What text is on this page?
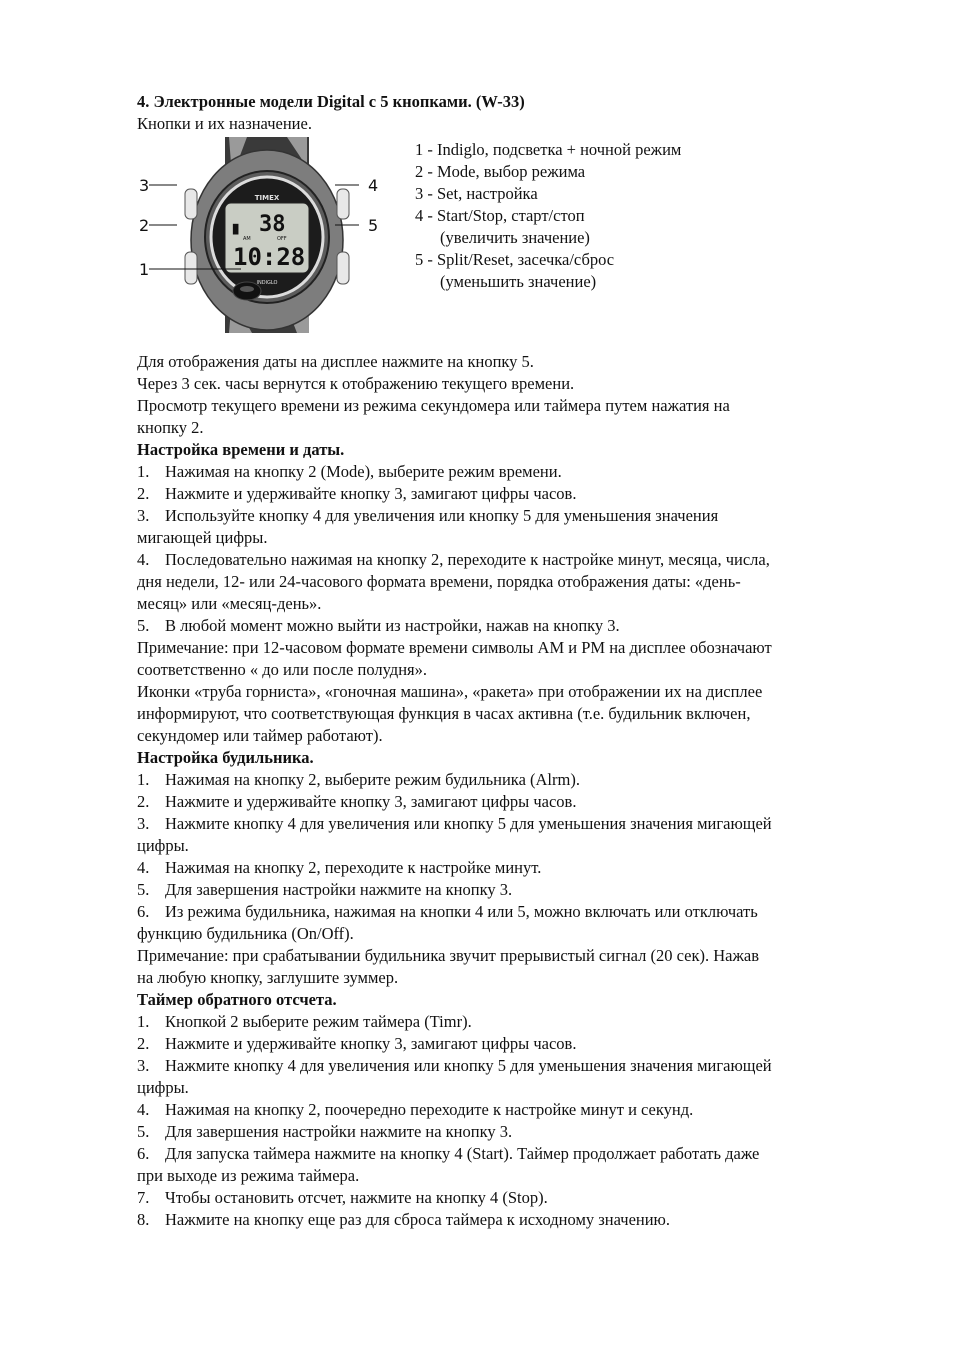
4. Электронные модели Digital с 5 кнопками. (W-33)
Кнопки и их назначение.
TIMEX
▖ 38
AM	OFF
10:28
INDIGLO
3	4
2	5
1
1 - Indiglo, подсветка + ночной режим
2 - Mode, выбор режима
3 - Set, настройка
4 - Start/Stop, старт/стоп
(увеличить значение)
5 - Split/Reset, засечка/сброс
(уменьшить значение)
Для отображения даты на дисплее нажмите на кнопку 5.
Через 3 сек. часы вернутся к отображению текущего времени.
Просмотр текущего времени из режима секундомера или таймера путем нажатия на
кнопку 2.
Настройка времени и даты.
1. Нажимая на кнопку 2 (Mode), выберите режим времени.
2. Нажмите и удерживайте кнопку 3, замигают цифры часов.
3. Используйте кнопку 4 для увеличения или кнопку 5 для уменьшения значения
мигающей цифры.
4. Последовательно нажимая на кнопку 2, переходите к настройке минут, месяца, числа,
дня недели, 12- или 24-часового формата времени, порядка отображения даты: «день-
месяц» или «месяц-день».
5. В любой момент можно выйти из настройки, нажав на кнопку 3.
Примечание: при 12-часовом формате времени символы AM и PM на дисплее обозначают
соответственно « до или после полудня».
Иконки «труба горниста», «гоночная машина», «ракета» при отображении их на дисплее
информируют, что соответствующая функция в часах активна (т.е. будильник включен,
секундомер или таймер работают).
Настройка будильника.
1. Нажимая на кнопку 2, выберите режим будильника (Alrm).
2. Нажмите и удерживайте кнопку 3, замигают цифры часов.
3. Нажмите кнопку 4 для увеличения или кнопку 5 для уменьшения значения мигающей
цифры.
4. Нажимая на кнопку 2, переходите к настройке минут.
5. Для завершения настройки нажмите на кнопку 3.
6. Из режима будильника, нажимая на кнопки 4 или 5, можно включать или отключать
функцию будильника (On/Off).
Примечание: при срабатывании будильника звучит прерывистый сигнал (20 сек). Нажав
на любую кнопку, заглушите зуммер.
Таймер обратного отсчета.
1. Кнопкой 2 выберите режим таймера (Timr).
2. Нажмите и удерживайте кнопку 3, замигают цифры часов.
3. Нажмите кнопку 4 для увеличения или кнопку 5 для уменьшения значения мигающей
цифры.
4. Нажимая на кнопку 2, поочередно переходите к настройке минут и секунд.
5. Для завершения настройки нажмите на кнопку 3.
6. Для запуска таймера нажмите на кнопку 4 (Start). Таймер продолжает работать даже
при выходе из режима таймера.
7. Чтобы остановить отсчет, нажмите на кнопку 4 (Stop).
8. Нажмите на кнопку еще раз для сброса таймера к исходному значению.
